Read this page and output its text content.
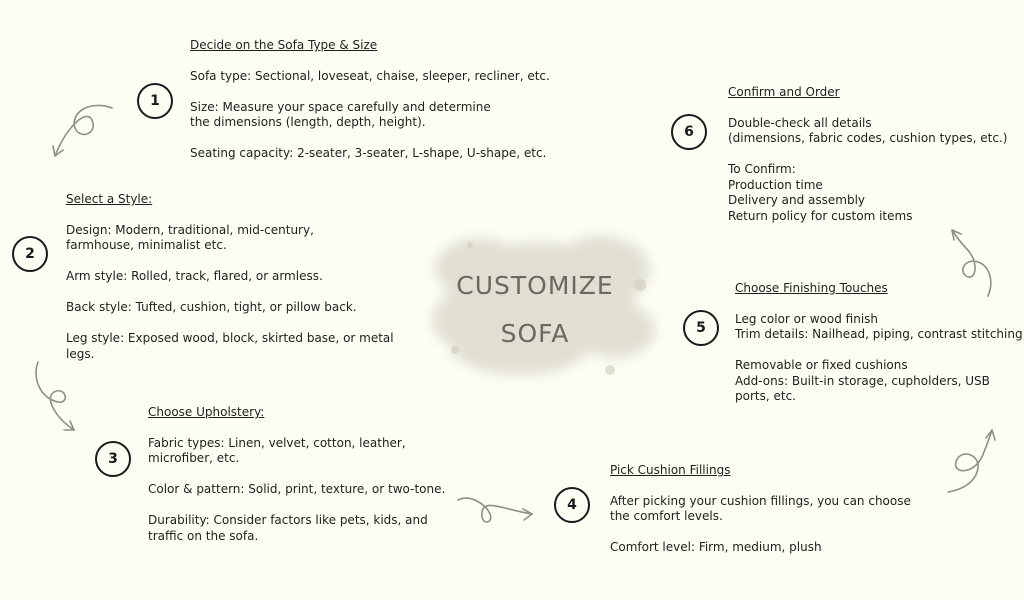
CUSTOMIZE
SOFA
1
Decide on the Sofa Type & Size

Sofa type: Sectional, loveseat, chaise, sleeper, recliner, etc.

Size: Measure your space carefully and determine the dimensions (length, depth, height).

Seating capacity: 2-seater, 3-seater, L-shape, U-shape, etc.

2
Select a Style:

Design: Modern, traditional, mid-century, farmhouse, minimalist etc.

Arm style: Rolled, track, flared, or armless.

Back style: Tufted, cushion, tight, or pillow back.

Leg style: Exposed wood, block, skirted base, or metal legs.

3
Choose Upholstery:

Fabric types: Linen, velvet, cotton, leather, microfiber, etc.

Color & pattern: Solid, print, texture, or two-tone.

Durability: Consider factors like pets, kids, and traffic on the sofa.

4
Pick Cushion Fillings

After picking your cushion fillings, you can choose the comfort levels.

Comfort level: Firm, medium, plush

5
Choose Finishing Touches
Leg color or wood finish
Trim details: Nailhead, piping, contrast stitching
Removable or fixed cushions
Add-ons: Built-in storage, cupholders, USB ports, etc.
6
Confirm and Order
Double-check all details
(dimensions, fabric codes, cushion types, etc.)
To Confirm:
Production time
Delivery and assembly
Return policy for custom items
